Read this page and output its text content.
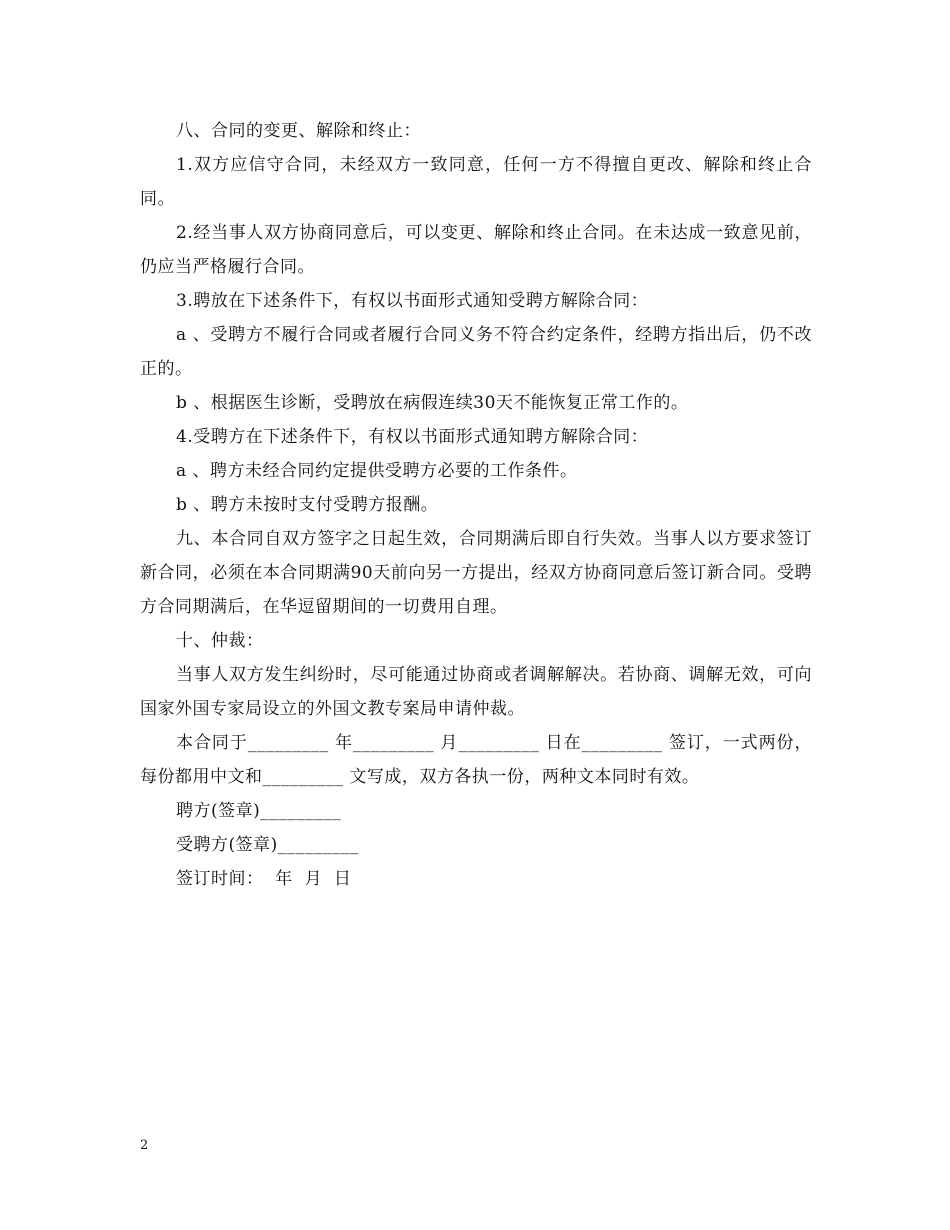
八、合同的变更、解除和终止：

1.双方应信守合同，未经双方一致同意，任何一方不得擅自更改、解除和终止合同。

2.经当事人双方协商同意后，可以变更、解除和终止合同。在未达成一致意见前，仍应当严格履行合同。

3.聘放在下述条件下，有权以书面形式通知受聘方解除合同：

a 、受聘方不履行合同或者履行合同义务不符合约定条件，经聘方指出后，仍不改正的。

b 、根据医生诊断，受聘放在病假连续30天不能恢复正常工作的。

4.受聘方在下述条件下，有权以书面形式通知聘方解除合同：

a 、聘方未经合同约定提供受聘方必要的工作条件。

b 、聘方未按时支付受聘方报酬。

九、本合同自双方签字之日起生效，合同期满后即自行失效。当事人以方要求签订新合同，必须在本合同期满90天前向另一方提出，经双方协商同意后签订新合同。受聘方合同期满后，在华逗留期间的一切费用自理。

十、仲裁：

当事人双方发生纠纷时，尽可能通过协商或者调解解决。若协商、调解无效，可向国家外国专家局设立的外国文教专案局申请仲裁。

本合同于_________ 年_________ 月_________ 日在_________ 签订，一式两份，每份都用中文和_________ 文写成，双方各执一份，两种文本同时有效。

聘方(签章)_________

受聘方(签章)_________

签订时间：  年  月  日

2
